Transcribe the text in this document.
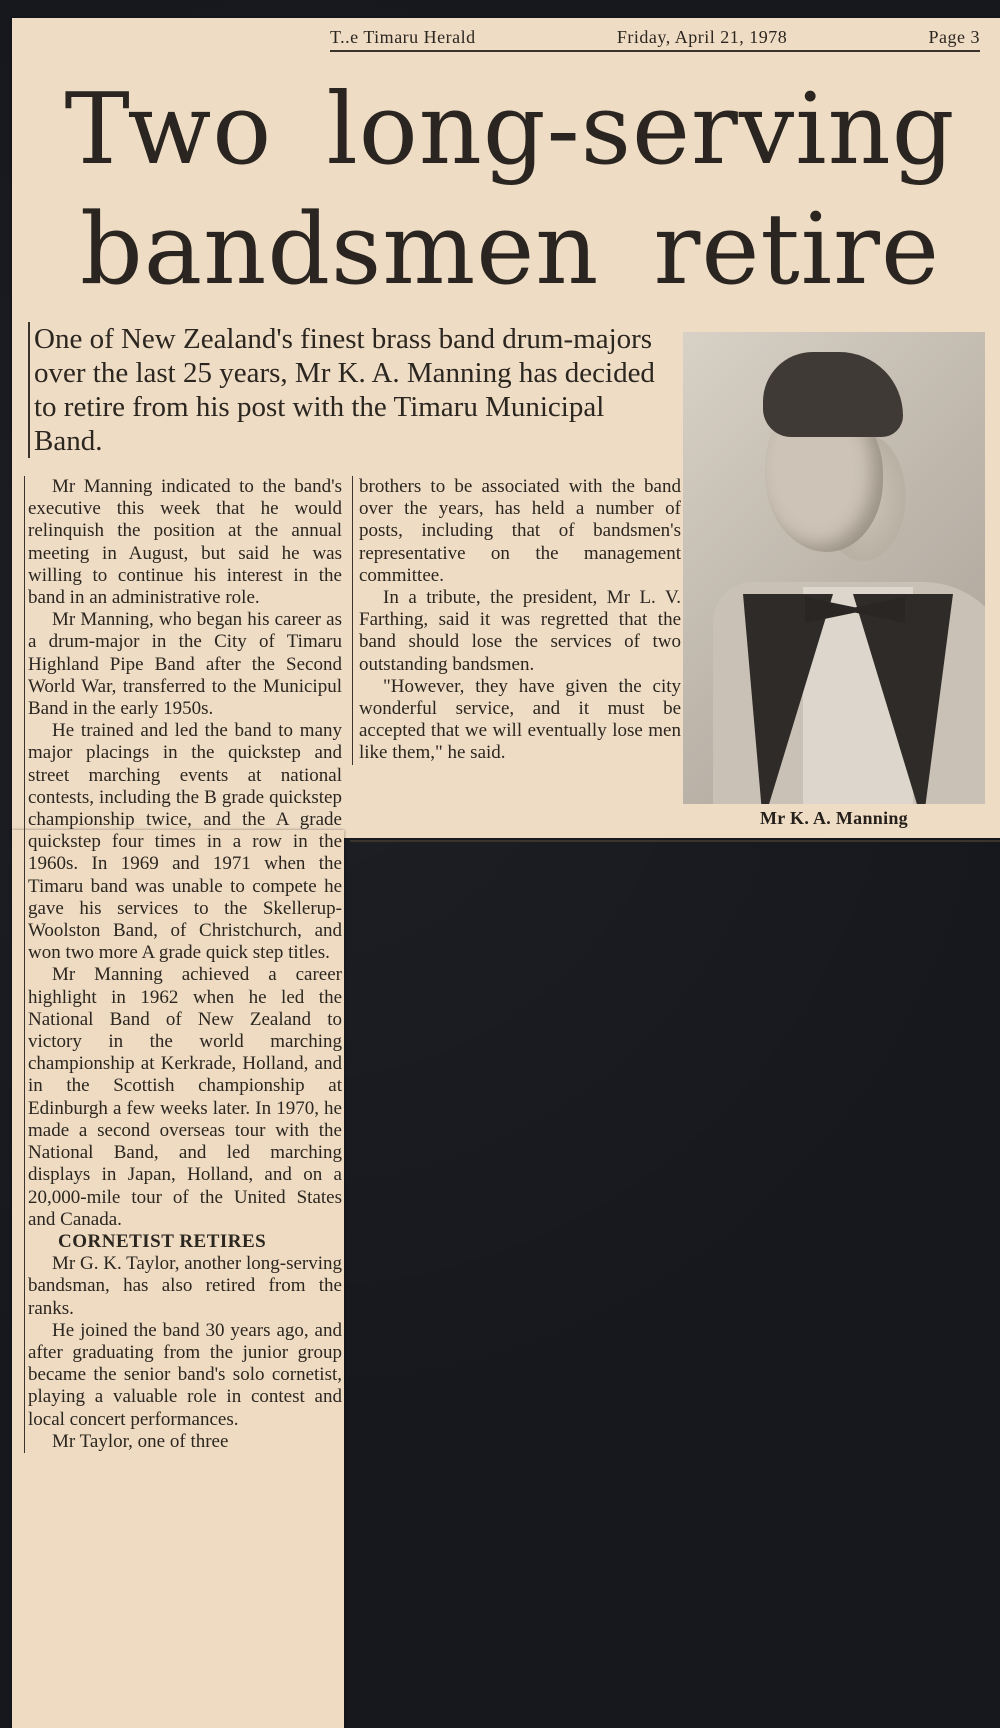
T..e Timaru Herald	Friday, April 21, 1978	Page 3
Two long-serving bandsmen retire
One of New Zealand's finest brass band drum-majors over the last 25 years, Mr K. A. Manning has decided to retire from his post with the Timaru Municipal Band.
Mr K. A. Manning

Mr Manning indicated to the band's executive this week that he would relinquish the position at the annual meeting in August, but said he was willing to continue his interest in the band in an administrative role.

Mr Manning, who began his career as a drum-major in the City of Timaru Highland Pipe Band after the Second World War, transferred to the Municipul Band in the early 1950s.

He trained and led the band to many major placings in the quickstep and street marching events at national contests, including the B grade quickstep championship twice, and the A grade quickstep four times in a row in the 1960s. In 1969 and 1971 when the Timaru band was unable to compete he gave his services to the Skellerup-Woolston Band, of Christchurch, and won two more A grade quick step titles.

Mr Manning achieved a career highlight in 1962 when he led the National Band of New Zealand to victory in the world marching championship at Kerkrade, Holland, and in the Scottish championship at Edinburgh a few weeks later. In 1970, he made a second overseas tour with the National Band, and led marching displays in Japan, Holland, and on a 20,000-mile tour of the United States and Canada.

CORNETIST RETIRES

Mr G. K. Taylor, another long-serving bandsman, has also retired from the ranks.

He joined the band 30 years ago, and after graduating from the junior group became the senior band's solo cornetist, playing a valuable role in contest and local concert performances.

Mr Taylor, one of three

brothers to be associated with the band over the years, has held a number of posts, including that of bandsmen's representative on the management committee.

In a tribute, the president, Mr L. V. Farthing, said it was regretted that the band should lose the services of two outstanding bandsmen.

"However, they have given the city wonderful service, and it must be accepted that we will eventually lose men like them," he said.
